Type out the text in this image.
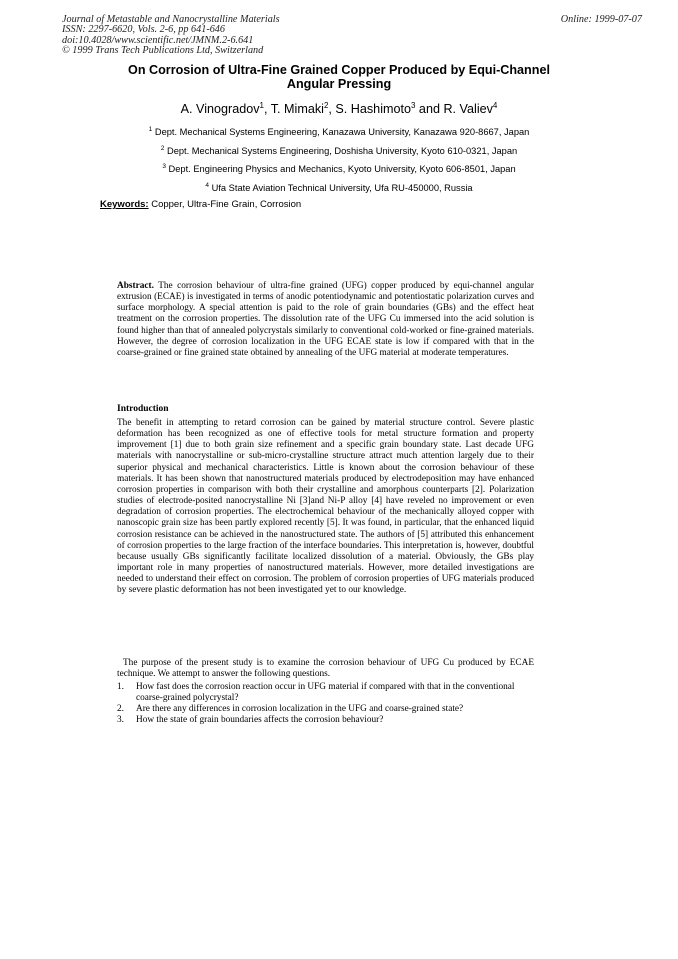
Journal of Metastable and Nanocrystalline Materials
ISSN: 2297-6620, Vols. 2-6, pp 641-646
doi:10.4028/www.scientific.net/JMNM.2-6.641
© 1999 Trans Tech Publications Ltd, Switzerland
Online: 1999-07-07
On Corrosion of Ultra-Fine Grained Copper Produced by Equi-Channel
Angular Pressing
A. Vinogradov$^1$, T. Mimaki$^2$, S. Hashimoto$^3$ and R. Valiev$^4$
$^1$ Dept. Mechanical Systems Engineering, Kanazawa University, Kanazawa 920-8667, Japan
$^2$ Dept. Mechanical Systems Engineering, Doshisha University, Kyoto 610-0321, Japan
$^3$ Dept. Engineering Physics and Mechanics, Kyoto University, Kyoto 606-8501, Japan
$^4$ Ufa State Aviation Technical University, Ufa RU-450000, Russia
Keywords: Copper, Ultra-Fine Grain, Corrosion
Abstract. The corrosion behaviour of ultra-fine grained (UFG) copper produced by equi-channel angular extrusion (ECAE) is investigated in terms of anodic potentiodynamic and potentiostatic polarization curves and surface morphology. A special attention is paid to the role of grain boundaries (GBs) and the effect heat treatment on the corrosion properties. The dissolution rate of the UFG Cu immersed into the acid solution is found higher than that of annealed polycrystals similarly to conventional cold-worked or fine-grained materials. However, the degree of corrosion localization in the UFG ECAE state is low if compared with that in the coarse-grained or fine grained state obtained by annealing of the UFG material at moderate temperatures.
Introduction
The benefit in attempting to retard corrosion can be gained by material structure control. Severe plastic deformation has been recognized as one of effective tools for metal structure formation and property improvement [1] due to both grain size refinement and a specific grain boundary state. Last decade UFG materials with nanocrystalline or sub-micro-crystalline structure attract much attention largely due to their superior physical and mechanical characteristics. Little is known about the corrosion behaviour of these materials. It has been shown that nanostructured materials produced by electrodeposition may have enhanced corrosion properties in comparison with both their crystalline and amorphous counterparts [2]. Polarization studies of electrode-posited nanocrystalline Ni [3]and Ni-P alloy [4] have reveled no improvement or even degradation of corrosion properties. The electrochemical behaviour of the mechanically alloyed copper with nanoscopic grain size has been partly explored recently [5]. It was found, in particular, that the enhanced liquid corrosion resistance can be achieved in the nanostructured state. The authors of [5] attributed this enhancement of corrosion properties to the large fraction of the interface boundaries. This interpretation is, however, doubtful because usually GBs significantly facilitate localized dissolution of a material. Obviously, the GBs play important role in many properties of nanostructured materials. However, more detailed investigations are needed to understand their effect on corrosion. The problem of corrosion properties of UFG materials produced by severe plastic deformation has not been investigated yet to our knowledge.
The purpose of the present study is to examine the corrosion behaviour of UFG Cu produced by ECAE technique. We attempt to answer the following questions.
1. How fast does the corrosion reaction occur in UFG material if compared with that in the conventional coarse-grained polycrystal?
2. Are there any differences in corrosion localization in the UFG and coarse-grained state?
3. How the state of grain boundaries affects the corrosion behaviour?
